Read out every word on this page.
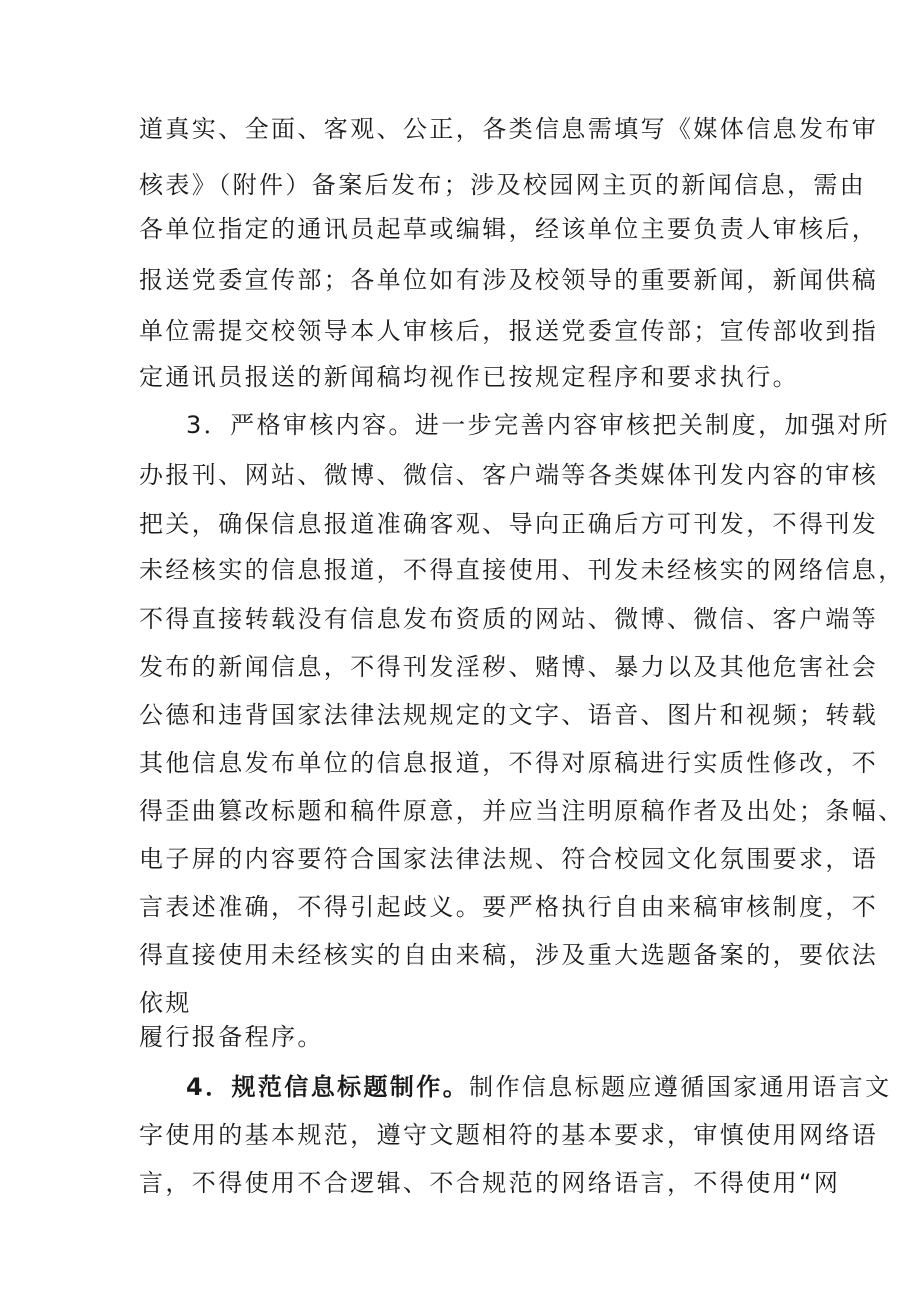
道真实、全面、客观、公正，各类信息需填写《媒体信息发布审
核表》（附件）备案后发布；涉及校园网主页的新闻信息，需由
各单位指定的通讯员起草或编辑，经该单位主要负责人审核后，
报送党委宣传部；各单位如有涉及校领导的重要新闻，新闻供稿
单位需提交校领导本人审核后，报送党委宣传部；宣传部收到指
定通讯员报送的新闻稿均视作已按规定程序和要求执行。
3．严格审核内容。进一步完善内容审核把关制度，加强对所
办报刊、网站、微博、微信、客户端等各类媒体刊发内容的审核
把关，确保信息报道准确客观、导向正确后方可刊发，不得刊发
未经核实的信息报道，不得直接使用、刊发未经核实的网络信息，
不得直接转载没有信息发布资质的网站、微博、微信、客户端等
发布的新闻信息，不得刊发淫秽、赌博、暴力以及其他危害社会
公德和违背国家法律法规规定的文字、语音、图片和视频；转载
其他信息发布单位的信息报道，不得对原稿进行实质性修改，不
得歪曲篡改标题和稿件原意，并应当注明原稿作者及出处；条幅、
电子屏的内容要符合国家法律法规、符合校园文化氛围要求，语
言表述准确，不得引起歧义。要严格执行自由来稿审核制度，不
得直接使用未经核实的自由来稿，涉及重大选题备案的，要依法
依规
履行报备程序。
4．规范信息标题制作。制作信息标题应遵循国家通用语言文
字使用的基本规范，遵守文题相符的基本要求，审慎使用网络语
言，不得使用不合逻辑、不合规范的网络语言，不得使用“网
